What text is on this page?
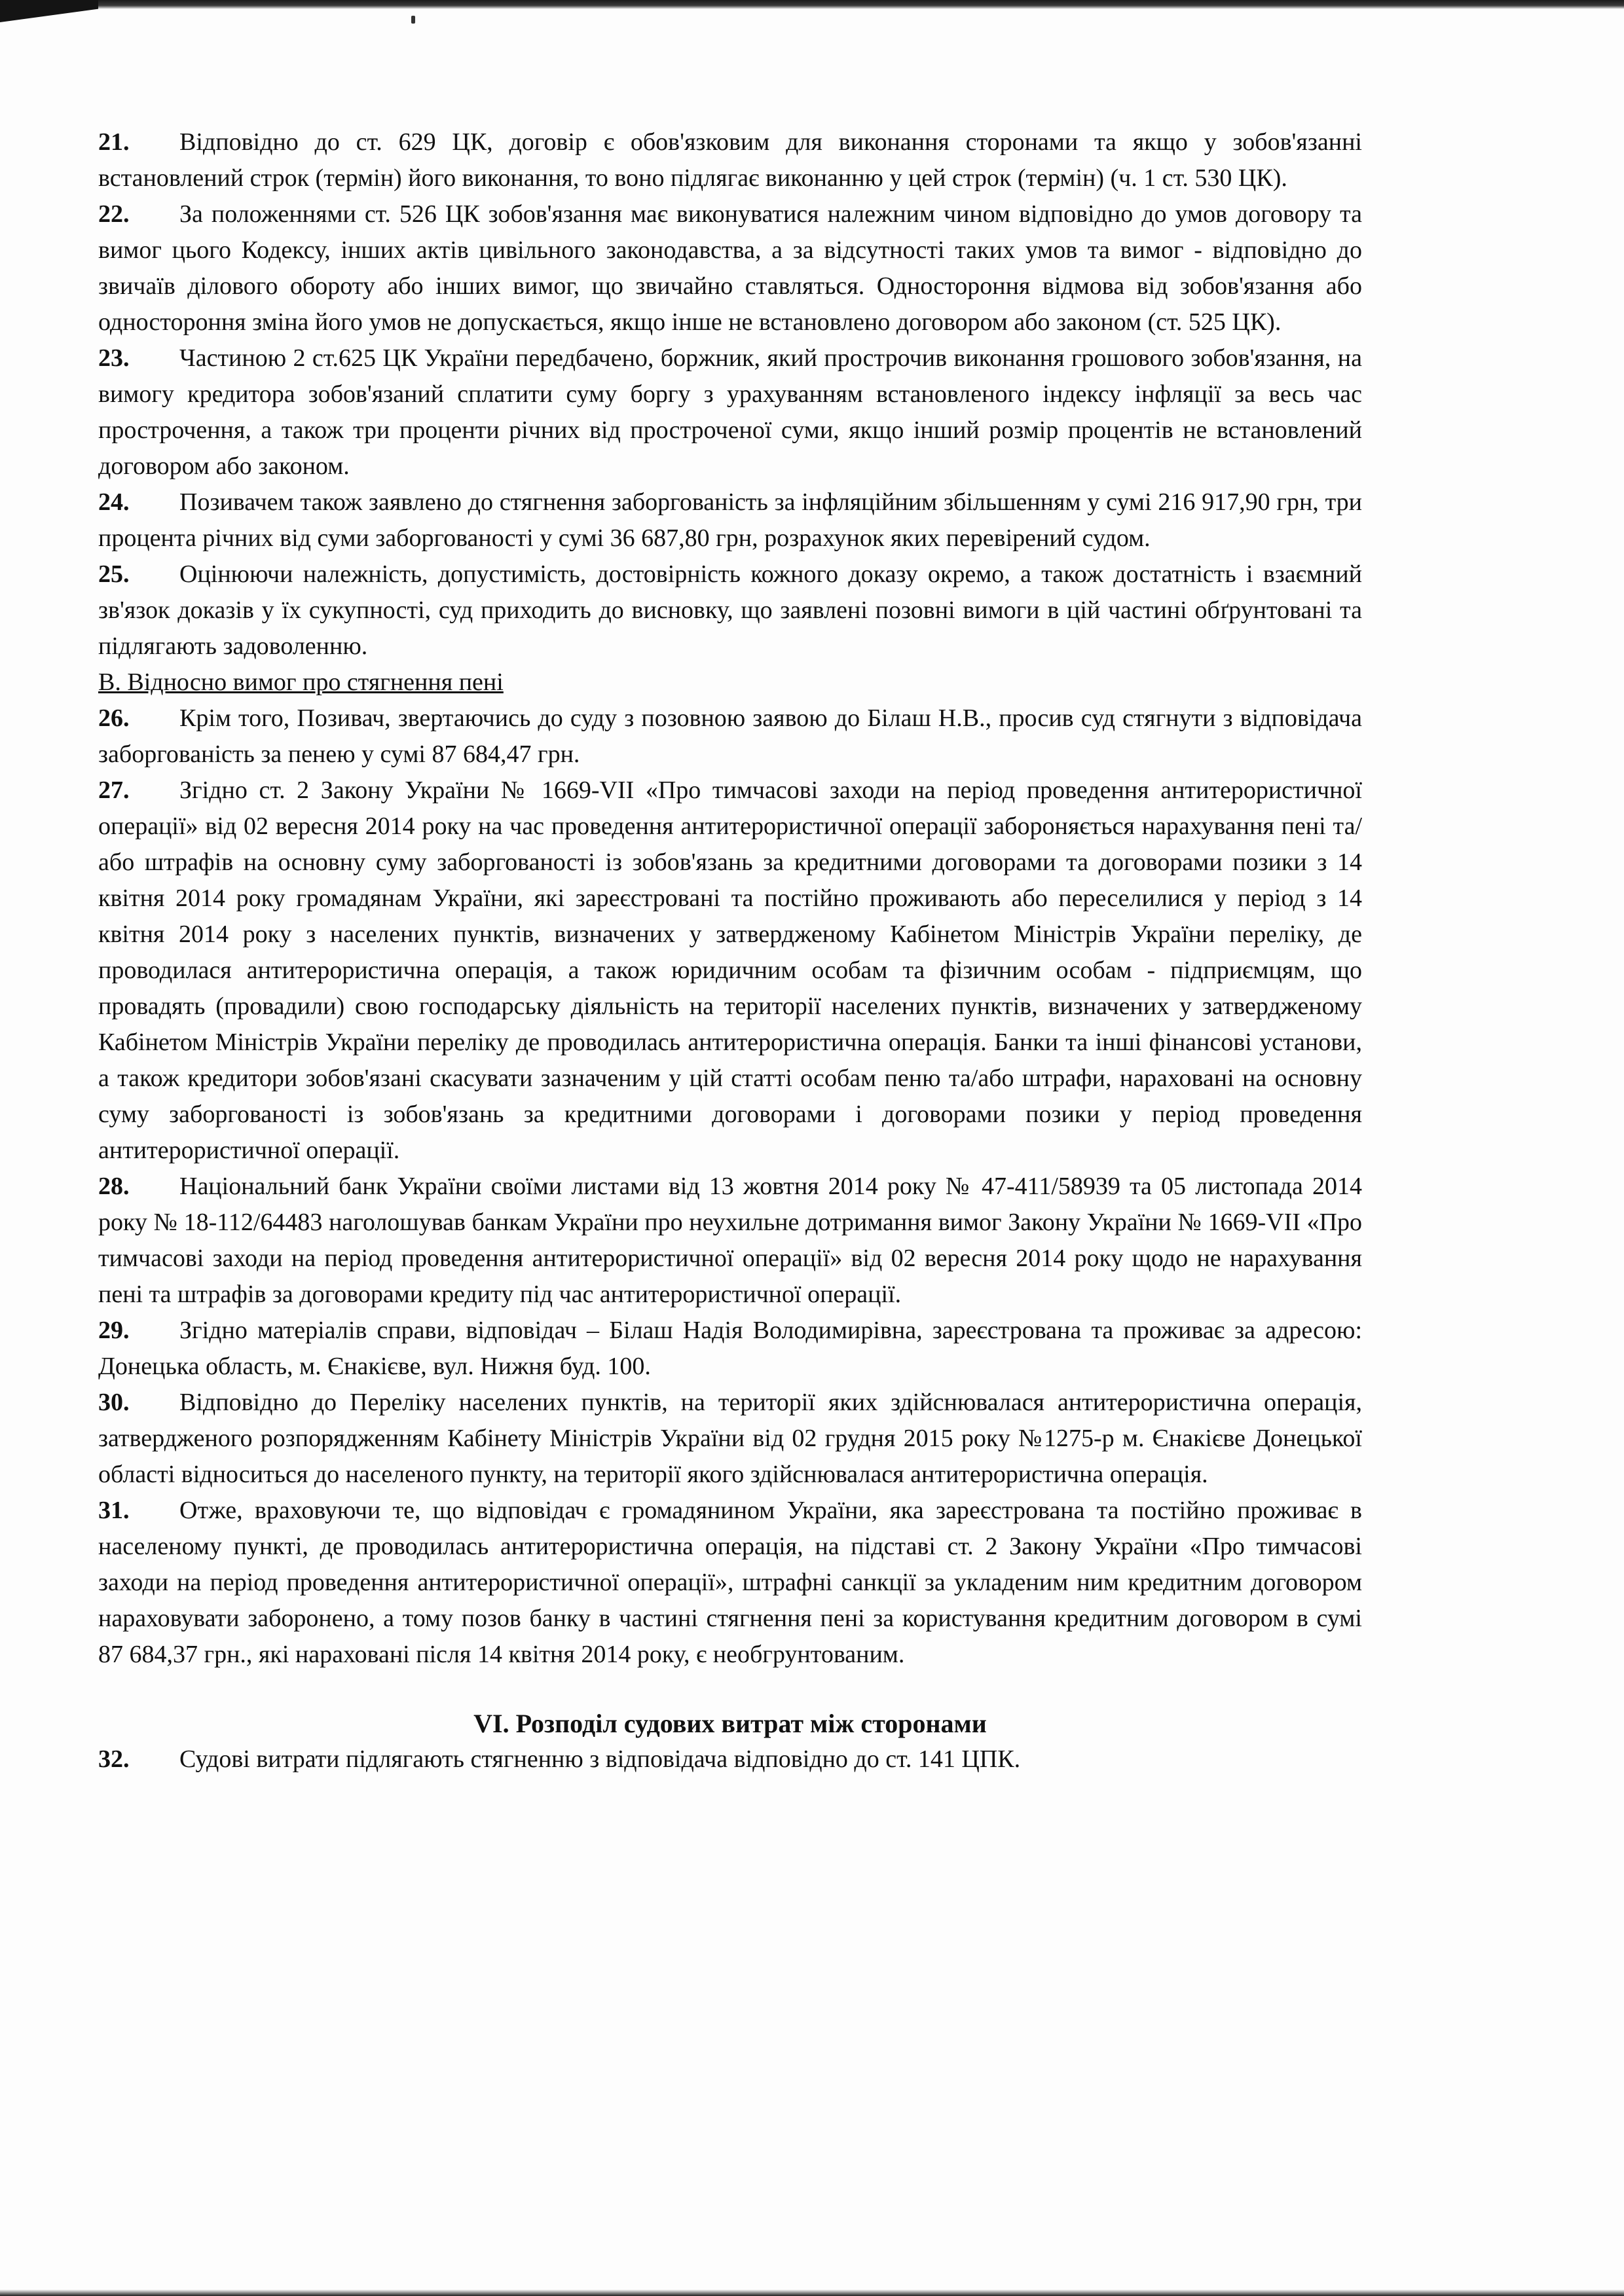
21. Відповідно до ст. 629 ЦК, договір є обов'язковим для виконання сторонами та якщо у зобов'язанні встановлений строк (термін) його виконання, то воно підлягає виконанню у цей строк (термін) (ч. 1 ст. 530 ЦК).

22. За положеннями ст. 526 ЦК зобов'язання має виконуватися належним чином відповідно до умов договору та вимог цього Кодексу, інших актів цивільного законодавства, а за відсутності таких умов та вимог - відповідно до звичаїв ділового обороту або інших вимог, що звичайно ставляться. Одностороння відмова від зобов'язання або одностороння зміна його умов не допускається, якщо інше не встановлено договором або законом (ст. 525 ЦК).

23. Частиною 2 ст.625 ЦК України передбачено, боржник, який прострочив виконання грошового зобов'язання, на вимогу кредитора зобов'язаний сплатити суму боргу з урахуванням встановленого індексу інфляції за весь час прострочення, а також три проценти річних від простроченої суми, якщо інший розмір процентів не встановлений договором або законом.

24. Позивачем також заявлено до стягнення заборгованість за інфляційним збільшенням у сумі 216 917,90 грн, три процента річних від суми заборгованості у сумі 36 687,80 грн, розрахунок яких перевірений судом.

25. Оцінюючи належність, допустимість, достовірність кожного доказу окремо, а також достатність і взаємний зв'язок доказів у їх сукупності, суд приходить до висновку, що заявлені позовні вимоги в цій частині обґрунтовані та підлягають задоволенню.

В. Відносно вимог про стягнення пені

26. Крім того, Позивач, звертаючись до суду з позовною заявою до Білаш Н.В., просив суд стягнути з відповідача заборгованість за пенею у сумі 87 684,47 грн.

27. Згідно ст. 2 Закону України № 1669-VII «Про тимчасові заходи на період проведення антитерористичної операції» від 02 вересня 2014 року на час проведення антитерористичної операції забороняється нарахування пені та/або штрафів на основну суму заборгованості із зобов'язань за кредитними договорами та договорами позики з 14 квітня 2014 року громадянам України, які зареєстровані та постійно проживають або переселилися у період з 14 квітня 2014 року з населених пунктів, визначених у затвердженому Кабінетом Міністрів України переліку, де проводилася антитерористична операція, а також юридичним особам та фізичним особам - підприємцям, що провадять (провадили) свою господарську діяльність на території населених пунктів, визначених у затвердженому Кабінетом Міністрів України переліку де проводилась антитерористична операція. Банки та інші фінансові установи, а також кредитори зобов'язані скасувати зазначеним у цій статті особам пеню та/або штрафи, нараховані на основну суму заборгованості із зобов'язань за кредитними договорами і договорами позики у період проведення антитерористичної операції.

28. Національний банк України своїми листами від 13 жовтня 2014 року № 47-411/58939 та 05 листопада 2014 року № 18-112/64483 наголошував банкам України про неухильне дотримання вимог Закону України № 1669-VII «Про тимчасові заходи на період проведення антитерористичної операції» від 02 вересня 2014 року щодо не нарахування пені та штрафів за договорами кредиту під час антитерористичної операції.

29. Згідно матеріалів справи, відповідач – Білаш Надія Володимирівна, зареєстрована та проживає за адресою: Донецька область, м. Єнакієве, вул. Нижня буд. 100.

30. Відповідно до Переліку населених пунктів, на території яких здійснювалася антитерористична операція, затвердженого розпорядженням Кабінету Міністрів України від 02 грудня 2015 року №1275-р м. Єнакієве Донецької області відноситься до населеного пункту, на території якого здійснювалася антитерористична операція.

31. Отже, враховуючи те, що відповідач є громадянином України, яка зареєстрована та постійно проживає в населеному пункті, де проводилась антитерористична операція, на підставі ст. 2 Закону України «Про тимчасові заходи на період проведення антитерористичної операції», штрафні санкції за укладеним ним кредитним договором нараховувати заборонено, а тому позов банку в частині стягнення пені за користування кредитним договором в сумі 87 684,37 грн., які нараховані після 14 квітня 2014 року, є необгрунтованим.

VI. Розподіл судових витрат між сторонами

32. Судові витрати підлягають стягненню з відповідача відповідно до ст. 141 ЦПК.
